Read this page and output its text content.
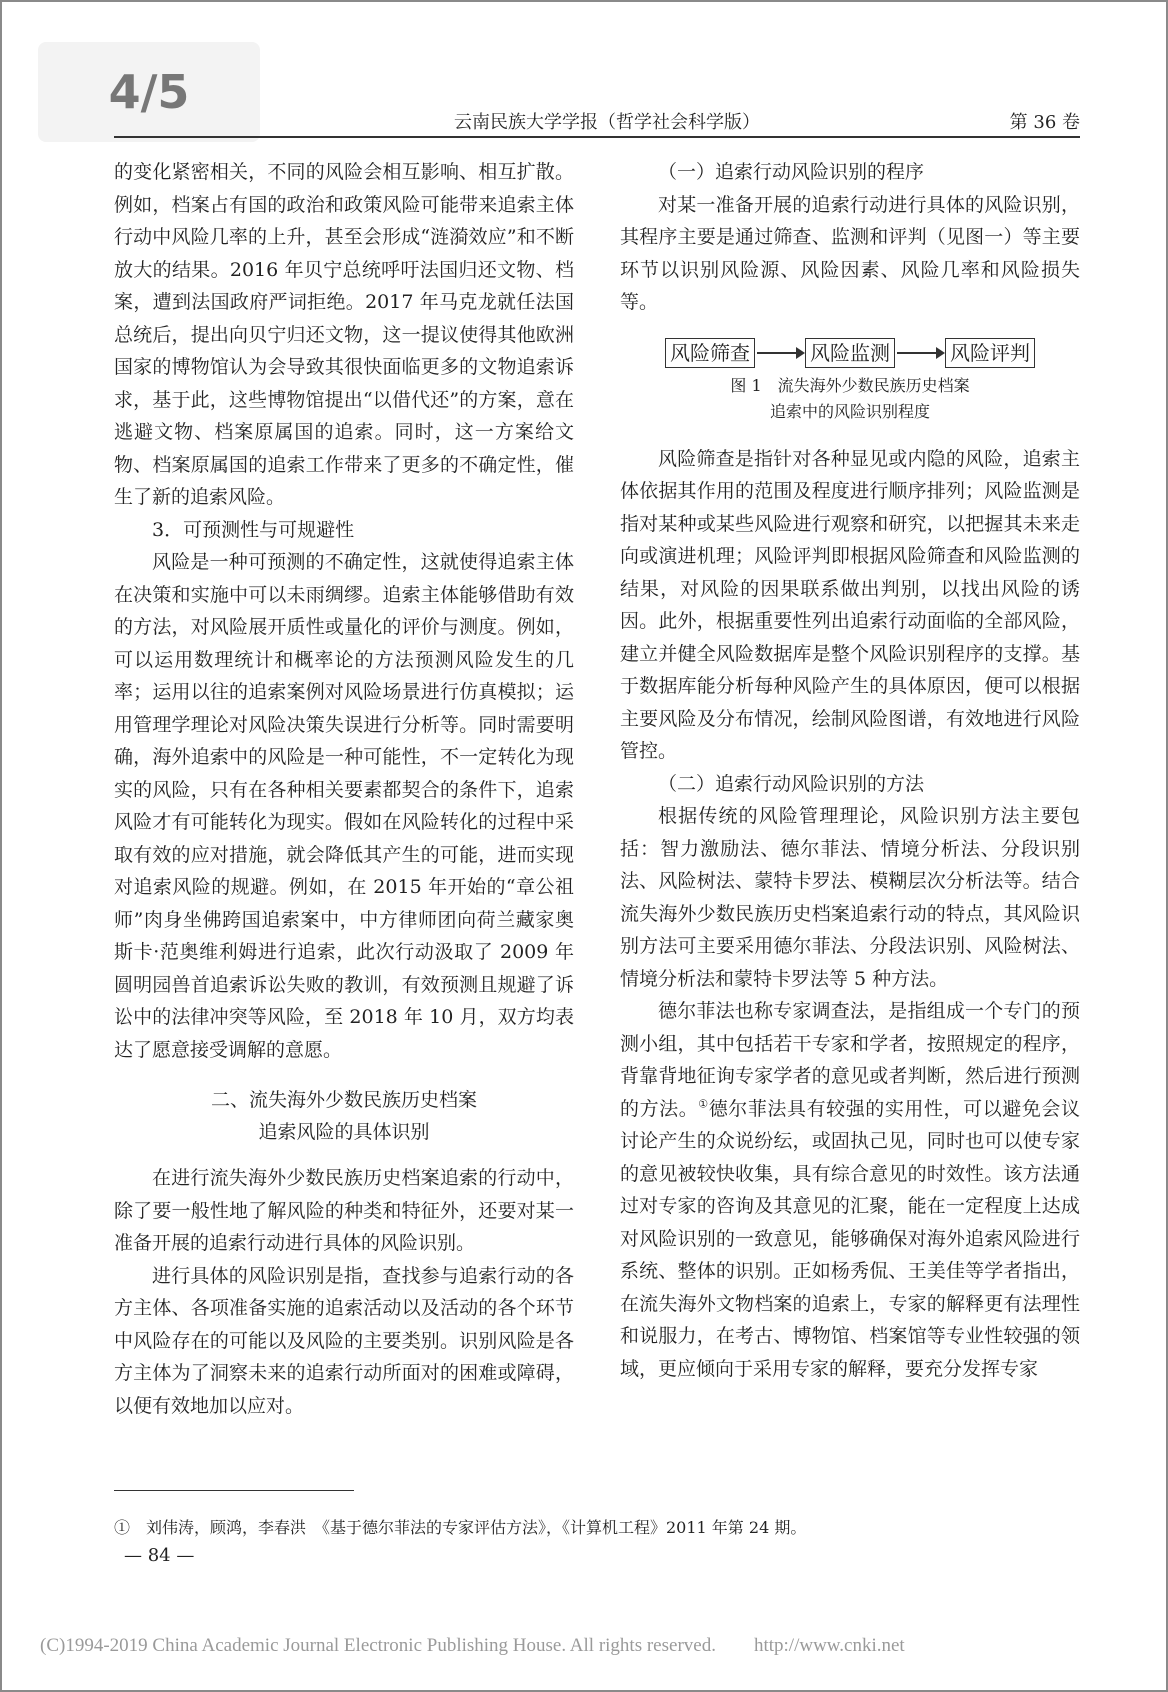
4/5
云南民族大学学报（哲学社会科学版）	第 36 卷

的变化紧密相关，不同的风险会相互影响、相互扩散。例如，档案占有国的政治和政策风险可能带来追索主体行动中风险几率的上升，甚至会形成“涟漪效应”和不断放大的结果。2016 年贝宁总统呼吁法国归还文物、档案，遭到法国政府严词拒绝。2017 年马克龙就任法国总统后，提出向贝宁归还文物，这一提议使得其他欧洲国家的博物馆认为会导致其很快面临更多的文物追索诉求，基于此，这些博物馆提出“以借代还”的方案，意在逃避文物、档案原属国的追索。同时，这一方案给文物、档案原属国的追索工作带来了更多的不确定性，催生了新的追索风险。

3．可预测性与可规避性

风险是一种可预测的不确定性，这就使得追索主体在决策和实施中可以未雨绸缪。追索主体能够借助有效的方法，对风险展开质性或量化的评价与测度。例如，可以运用数理统计和概率论的方法预测风险发生的几率；运用以往的追索案例对风险场景进行仿真模拟；运用管理学理论对风险决策失误进行分析等。同时需要明确，海外追索中的风险是一种可能性，不一定转化为现实的风险，只有在各种相关要素都契合的条件下，追索风险才有可能转化为现实。假如在风险转化的过程中采取有效的应对措施，就会降低其产生的可能，进而实现对追索风险的规避。例如，在 2015 年开始的“章公祖师”肉身坐佛跨国追索案中，中方律师团向荷兰藏家奥斯卡·范奥维利姆进行追索，此次行动汲取了 2009 年圆明园兽首追索诉讼失败的教训，有效预测且规避了诉讼中的法律冲突等风险，至 2018 年 10 月，双方均表达了愿意接受调解的意愿。

二、流失海外少数民族历史档案
追索风险的具体识别

在进行流失海外少数民族历史档案追索的行动中，除了要一般性地了解风险的种类和特征外，还要对某一准备开展的追索行动进行具体的风险识别。

进行具体的风险识别是指，查找参与追索行动的各方主体、各项准备实施的追索活动以及活动的各个环节中风险存在的可能以及风险的主要类别。识别风险是各方主体为了洞察未来的追索行动所面对的困难或障碍，以便有效地加以应对。

（一）追索行动风险识别的程序

对某一准备开展的追索行动进行具体的风险识别，其程序主要是通过筛查、监测和评判（见图一）等主要环节以识别风险源、风险因素、风险几率和风险损失等。

风险筛查	风险监测	风险评判
图 1　流失海外少数民族历史档案
追索中的风险识别程度

风险筛查是指针对各种显见或内隐的风险，追索主体依据其作用的范围及程度进行顺序排列；风险监测是指对某种或某些风险进行观察和研究，以把握其未来走向或演进机理；风险评判即根据风险筛查和风险监测的结果，对风险的因果联系做出判别，以找出风险的诱因。此外，根据重要性列出追索行动面临的全部风险，建立并健全风险数据库是整个风险识别程序的支撑。基于数据库能分析每种风险产生的具体原因，便可以根据主要风险及分布情况，绘制风险图谱，有效地进行风险管控。

（二）追索行动风险识别的方法

根据传统的风险管理理论，风险识别方法主要包括：智力激励法、德尔菲法、情境分析法、分段识别法、风险树法、蒙特卡罗法、模糊层次分析法等。结合流失海外少数民族历史档案追索行动的特点，其风险识别方法可主要采用德尔菲法、分段法识别、风险树法、情境分析法和蒙特卡罗法等 5 种方法。

德尔菲法也称专家调查法，是指组成一个专门的预测小组，其中包括若干专家和学者，按照规定的程序，背靠背地征询专家学者的意见或者判断，然后进行预测的方法。①德尔菲法具有较强的实用性，可以避免会议讨论产生的众说纷纭，或固执己见，同时也可以使专家的意见被较快收集，具有综合意见的时效性。该方法通过对专家的咨询及其意见的汇聚，能在一定程度上达成对风险识别的一致意见，能够确保对海外追索风险进行系统、整体的识别。正如杨秀侃、王美佳等学者指出，在流失海外文物档案的追索上，专家的解释更有法理性和说服力，在考古、博物馆、档案馆等专业性较强的领域，更应倾向于采用专家的解释，要充分发挥专家

①　刘伟涛，顾鸿，李春洪　《基于德尔菲法的专家评估方法》，《计算机工程》2011 年第 24 期。
— 84 —
(C)1994-2019 China Academic Journal Electronic Publishing House. All rights reserved.　　http://www.cnki.net
